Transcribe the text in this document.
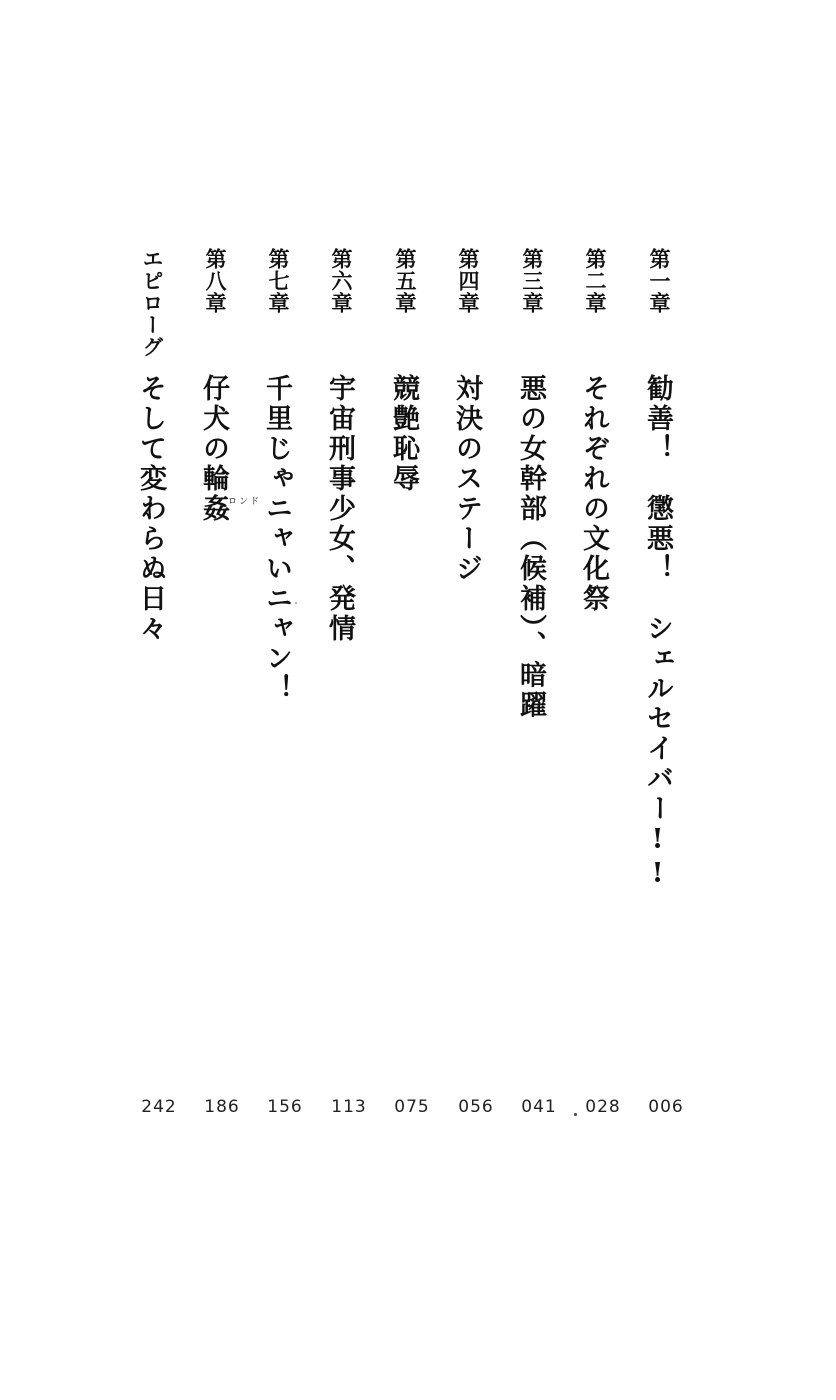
第一章
勧善！　懲悪！　シェルセイバー!!
第二章
それぞれの文化祭
第三章
悪の女幹部（候補）、暗躍
第四章
対決のステージ
第五章
競艶恥辱
第六章
宇宙刑事少女、発情
第七章
千里じゃニャいニャン！
第八章
仔犬の輪姦 ロンド
エピローグ
そして変わらぬ日々
006
028
041
056
075
113
156
186
242
